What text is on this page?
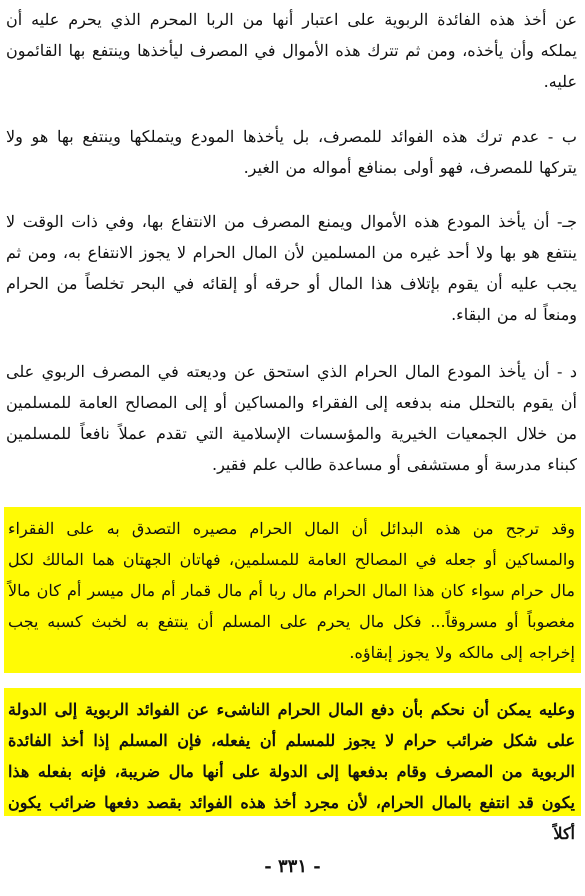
عن أخذ هذه الفائدة الربوية على اعتبار أنها من الربا المحرم الذي يحرم عليه أن يملكه وأن يأخذه، ومن ثم تترك هذه الأموال في المصرف ليأخذها وينتفع بها القائمون عليه.
ب - عدم ترك هذه الفوائد للمصرف، بل يأخذها المودع ويتملكها وينتفع بها هو ولا يتركها للمصرف، فهو أولى بمنافع أمواله من الغير.
جـ- أن يأخذ المودع هذه الأموال ويمنع المصرف من الانتفاع بها، وفي ذات الوقت لا ينتفع هو بها ولا أحد غيره من المسلمين لأن المال الحرام لا يجوز الانتفاع به، ومن ثم يجب عليه أن يقوم بإتلاف هذا المال أو حرقه أو إلقائه في البحر تخلصاً من الحرام ومنعاً له من البقاء.
د - أن يأخذ المودع المال الحرام الذي استحق عن وديعته في المصرف الربوي على أن يقوم بالتحلل منه بدفعه إلى الفقراء والمساكين أو إلى المصالح العامة للمسلمين من خلال الجمعيات الخيرية والمؤسسات الإسلامية التي تقدم عملاً نافعاً للمسلمين كبناء مدرسة أو مستشفى أو مساعدة طالب علم فقير.
وقد ترجح من هذه البدائل أن المال الحرام مصيره التصدق به على الفقراء والمساكين أو جعله في المصالح العامة للمسلمين، فهاتان الجهتان هما المالك لكل مال حرام سواء كان هذا المال الحرام مال ربا أم مال قمار أم مال ميسر أم كان مالاً مغصوباً أو مسروقاً... فكل مال يحرم على المسلم أن ينتفع به لخبث كسبه يجب إخراجه إلى مالكه ولا يجوز إبقاؤه.
وعليه يمكن أن نحكم بأن دفع المال الحرام الناشىء عن الفوائد الربوية إلى الدولة على شكل ضرائب حرام لا يجوز للمسلم أن يفعله، فإن المسلم إذا أخذ الفائدة الربوية من المصرف وقام بدفعها إلى الدولة على أنها مال ضريبة، فإنه بفعله هذا يكون قد انتفع بالمال الحرام، لأن مجرد أخذ هذه الفوائد بقصد دفعها ضرائب يكون أكلاً
- ٣٣١ -
